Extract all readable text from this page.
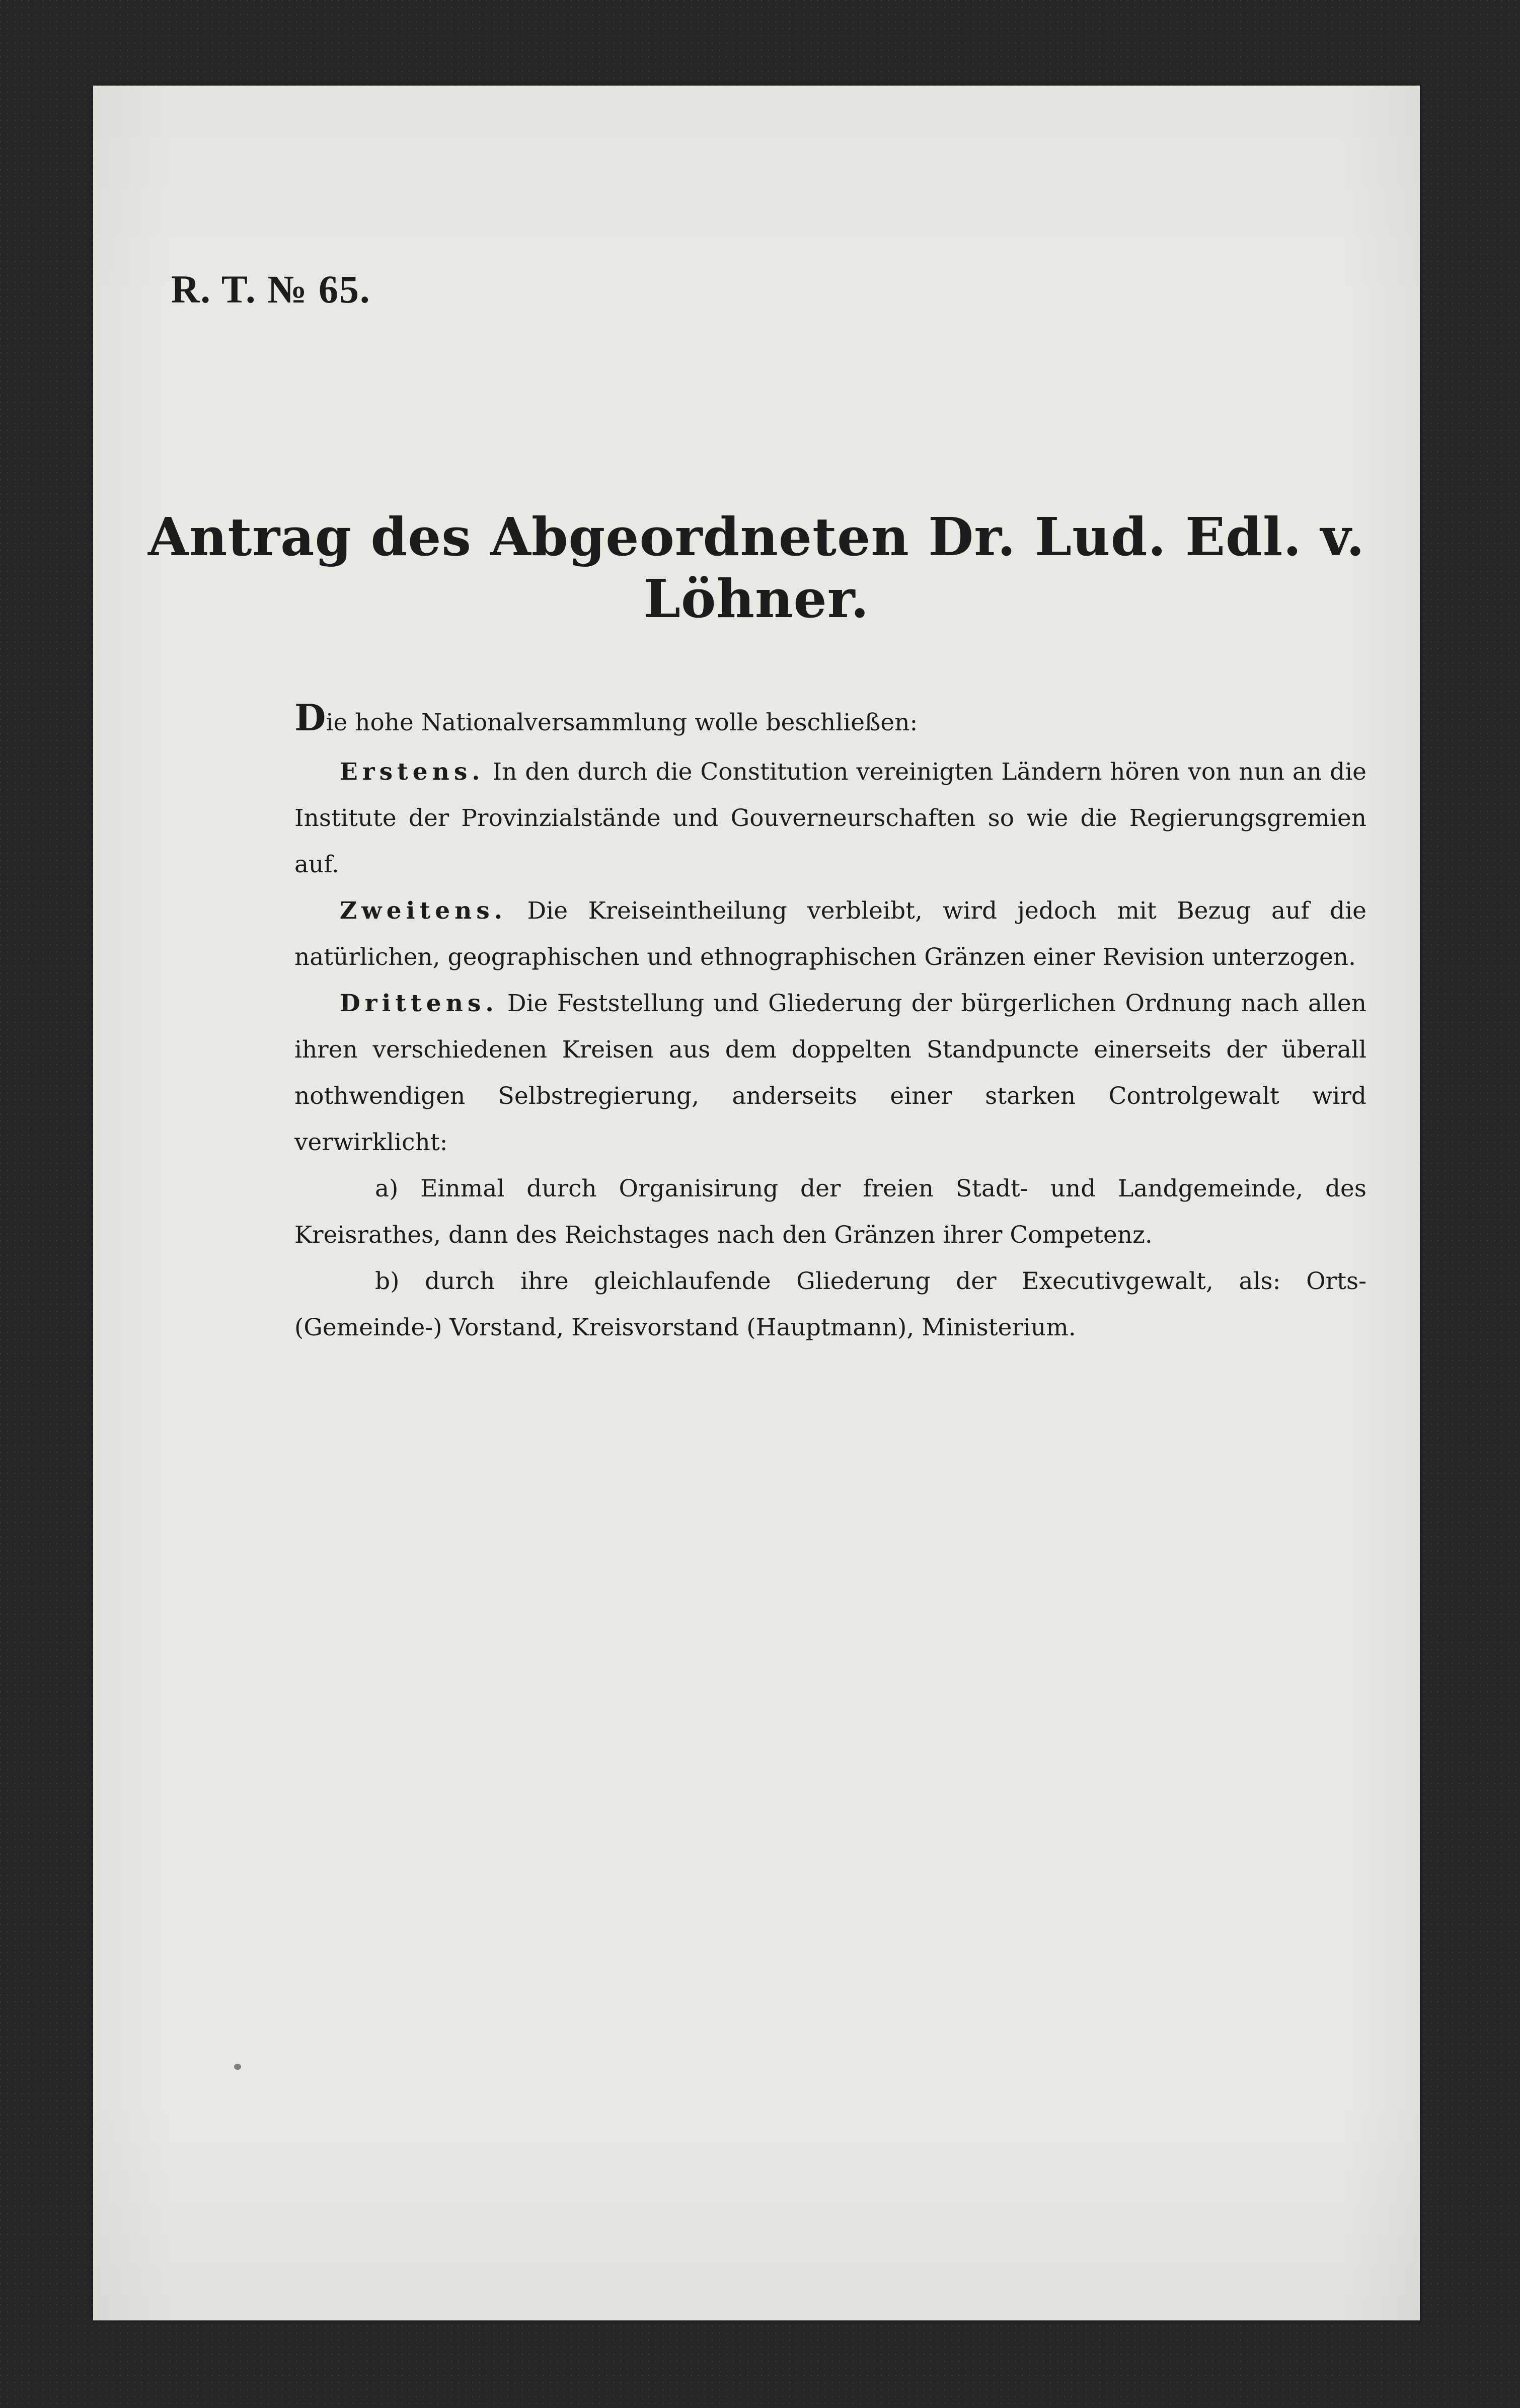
R. T. № 65.
Antrag des Abgeordneten Dr. Lud. Edl. v. Löhner.

Die hohe Nationalversammlung wolle beschließen:

Erstens. In den durch die Constitution vereinigten Ländern hören von nun an die Institute der Provinzialstände und Gouverneurschaften so wie die Regierungsgremien auf.

Zweitens. Die Kreiseintheilung verbleibt, wird jedoch mit Bezug auf die natürlichen, geographischen und ethnographischen Gränzen einer Revision unterzogen.

Drittens. Die Feststellung und Gliederung der bürgerlichen Ordnung nach allen ihren verschiedenen Kreisen aus dem doppelten Standpuncte einerseits der überall nothwendigen Selbstregierung, anderseits einer starken Controlgewalt wird verwirklicht:

a) Einmal durch Organisirung der freien Stadt- und Landgemeinde, des Kreisrathes, dann des Reichstages nach den Gränzen ihrer Competenz.

b) durch ihre gleichlaufende Gliederung der Executivgewalt, als: Orts- (Gemeinde-) Vorstand, Kreisvorstand (Hauptmann), Ministerium.
